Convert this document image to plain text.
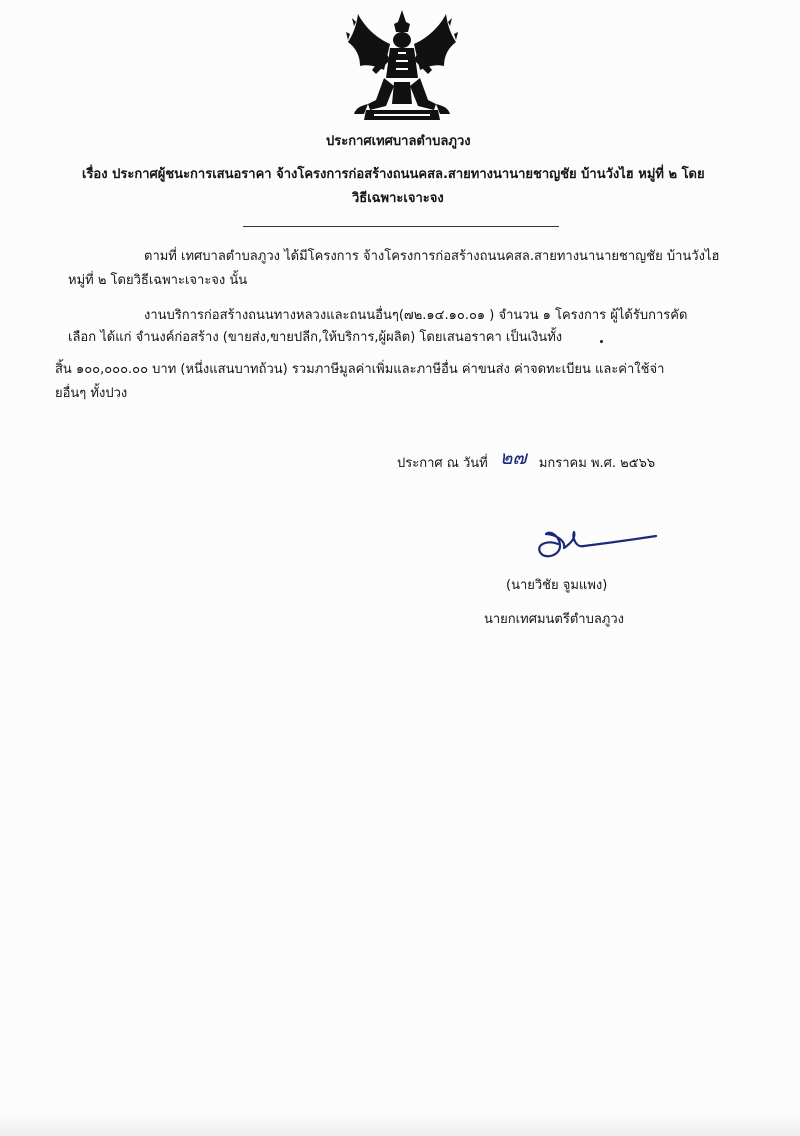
ประกาศเทศบาลตำบลภูวง
เรื่อง ประกาศผู้ชนะการเสนอราคา จ้างโครงการก่อสร้างถนนคสล.สายทางนานายชาญชัย บ้านวังไฮ หมู่ที่ ๒ โดย
วิธีเฉพาะเจาะจง
ตามที่ เทศบาลตำบลภูวง ได้มีโครงการ จ้างโครงการก่อสร้างถนนคสล.สายทางนานายชาญชัย บ้านวังไฮ
หมู่ที่ ๒ โดยวิธีเฉพาะเจาะจง นั้น
งานบริการก่อสร้างถนนทางหลวงและถนนอื่นๆ(๗๒.๑๔.๑๐.๐๑ ) จำนวน ๑ โครงการ ผู้ได้รับการคัด
เลือก ได้แก่ จำนงค์ก่อสร้าง (ขายส่ง,ขายปลีก,ให้บริการ,ผู้ผลิต) โดยเสนอราคา เป็นเงินทั้ง
สิ้น ๑๐๐,๐๐๐.๐๐ บาท (หนึ่งแสนบาทถ้วน) รวมภาษีมูลค่าเพิ่มและภาษีอื่น ค่าขนส่ง ค่าจดทะเบียน และค่าใช้จ่า
ยอื่นๆ ทั้งปวง
ประกาศ ณ วันที่ ๒๗ มกราคม พ.ศ. ๒๕๖๖
(นายวิชัย จูมแพง)
นายกเทศมนตรีตำบลภูวง
